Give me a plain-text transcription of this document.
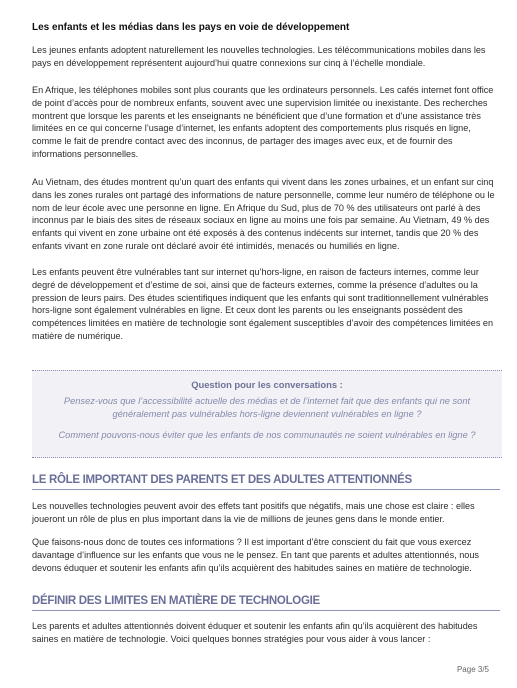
Les enfants et les médias dans les pays en voie de développement

Les jeunes enfants adoptent naturellement les nouvelles technologies. Les télécommunications mobiles dans les pays en développement représentent aujourd’hui quatre connexions sur cinq à l’échelle mondiale.

En Afrique, les téléphones mobiles sont plus courants que les ordinateurs personnels. Les cafés internet font office de point d’accès pour de nombreux enfants, souvent avec une supervision limitée ou inexistante. Des recherches montrent que lorsque les parents et les enseignants ne bénéficient que d’une formation et d’une assistance très limitées en ce qui concerne l’usage d’internet, les enfants adoptent des comportements plus risqués en ligne, comme le fait de prendre contact avec des inconnus, de partager des images avec eux, et de fournir des informations personnelles.

Au Vietnam, des études montrent qu’un quart des enfants qui vivent dans les zones urbaines, et un enfant sur cinq dans les zones rurales ont partagé des informations de nature personnelle, comme leur numéro de téléphone ou le nom de leur école avec une personne en ligne. En Afrique du Sud, plus de 70 % des utilisateurs ont parlé à des inconnus par le biais des sites de réseaux sociaux en ligne au moins une fois par semaine. Au Vietnam, 49 % des enfants qui vivent en zone urbaine ont été exposés à des contenus indécents sur internet, tandis que 20 % des enfants vivant en zone rurale ont déclaré avoir été intimidés, menacés ou humiliés en ligne.

Les enfants peuvent être vulnérables tant sur internet qu’hors-ligne, en raison de facteurs internes, comme leur degré de développement et d’estime de soi, ainsi que de facteurs externes, comme la présence d’adultes ou la pression de leurs pairs. Des études scientifiques indiquent que les enfants qui sont traditionnellement vulnérables hors-ligne sont également vulnérables en ligne. Et ceux dont les parents ou les enseignants possèdent des compétences limitées en matière de technologie sont également susceptibles d’avoir des compétences limitées en matière de numérique.

Question pour les conversations :

Pensez-vous que l’accessibilité actuelle des médias et de l’internet fait que des enfants qui ne sont généralement pas vulnérables hors-ligne deviennent vulnérables en ligne ?

Comment pouvons-nous éviter que les enfants de nos communautés ne soient vulnérables en ligne ?

LE RÔLE IMPORTANT DES PARENTS ET DES ADULTES ATTENTIONNÉS

Les nouvelles technologies peuvent avoir des effets tant positifs que négatifs, mais une chose est claire : elles joueront un rôle de plus en plus important dans la vie de millions de jeunes gens dans le monde entier.

Que faisons-nous donc de toutes ces informations ? Il est important d’être conscient du fait que vous exercez davantage d’influence sur les enfants que vous ne le pensez. En tant que parents et adultes attentionnés, nous devons éduquer et soutenir les enfants afin qu’ils acquièrent des habitudes saines en matière de technologie.

DÉFINIR DES LIMITES EN MATIÈRE DE TECHNOLOGIE

Les parents et adultes attentionnés doivent éduquer et soutenir les enfants afin qu’ils acquièrent des habitudes saines en matière de technologie. Voici quelques bonnes stratégies pour vous aider à vous lancer :

Page 3/5
